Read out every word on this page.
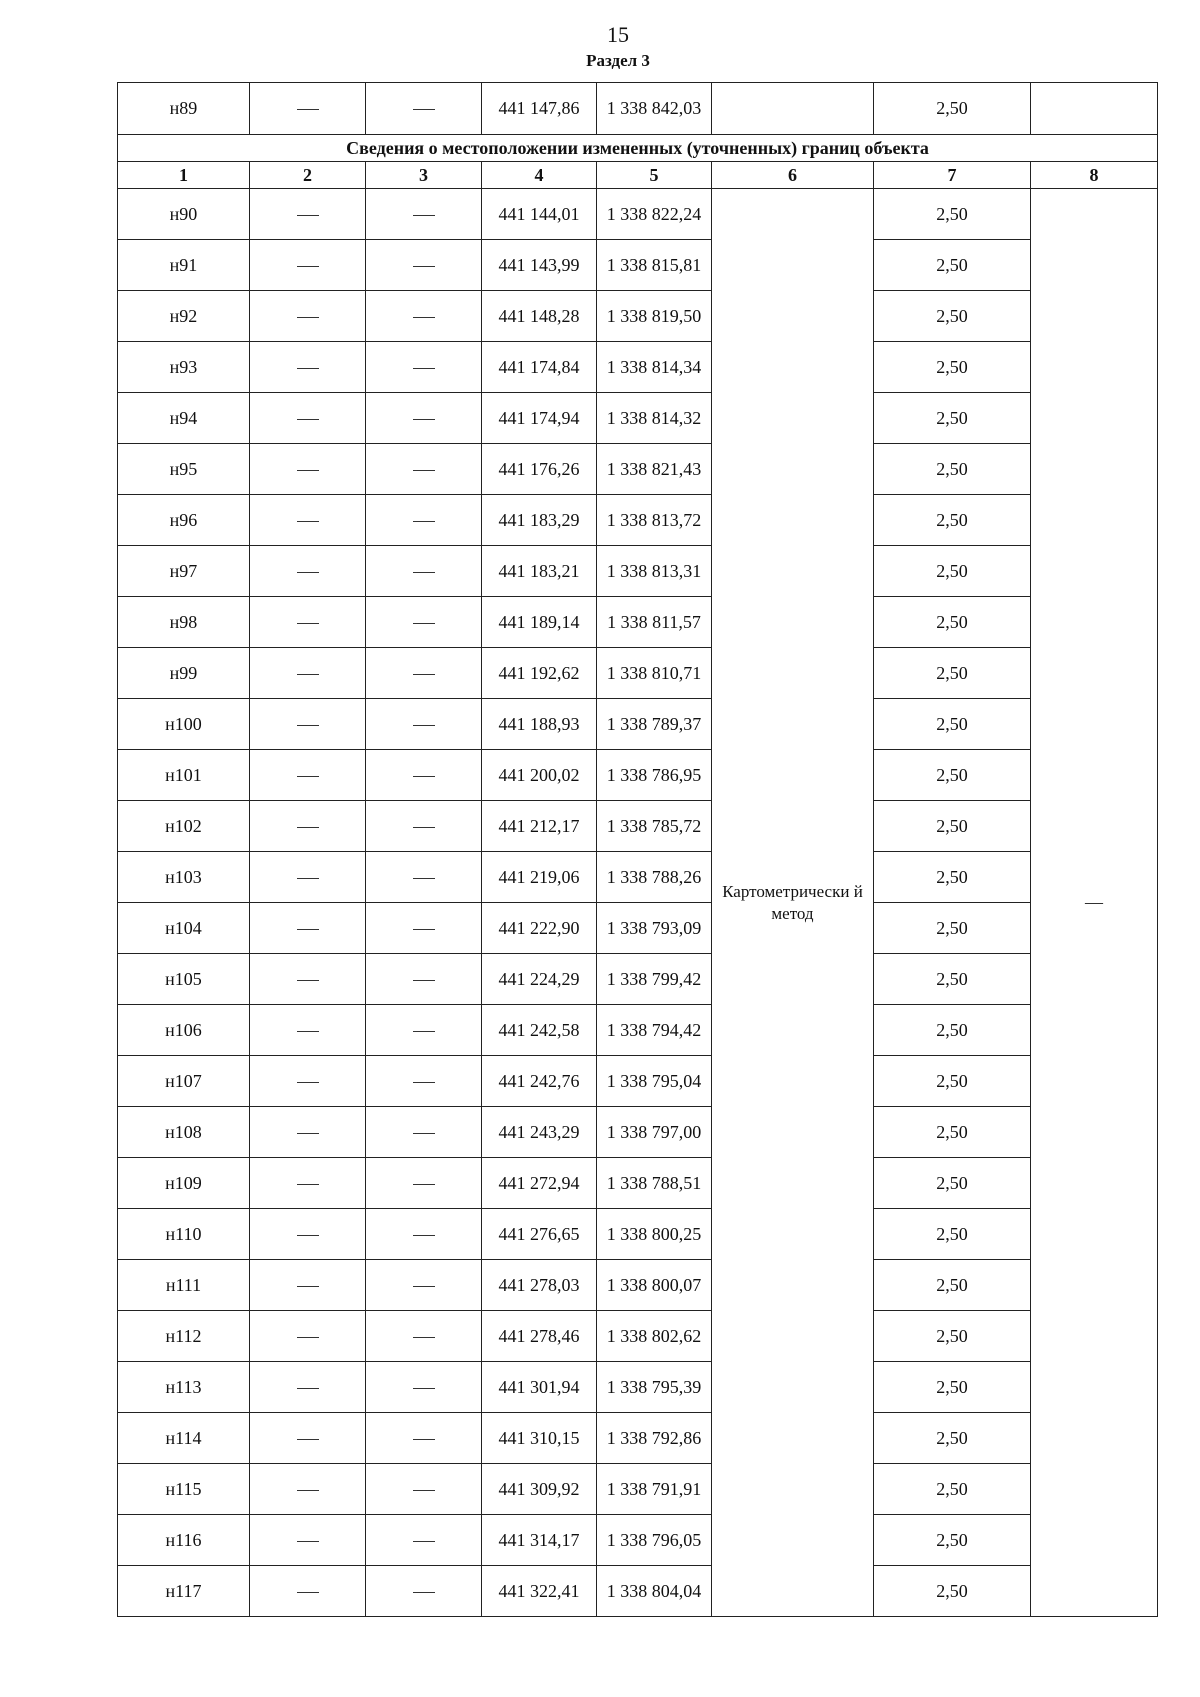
15
Раздел 3
н89			441 147,86	1 338 842,03		2,50	
Сведения о местоположении измененных (уточненных) границ объекта							
1	2	3	4	5	6	7	8
н90			441 144,01	1 338 822,24	Картометрически й метод	2,50	—
н91			441 143,99	1 338 815,81		2,50	
н92			441 148,28	1 338 819,50		2,50	
н93			441 174,84	1 338 814,34		2,50	
н94			441 174,94	1 338 814,32		2,50	
н95			441 176,26	1 338 821,43		2,50	
н96			441 183,29	1 338 813,72		2,50	
н97			441 183,21	1 338 813,31		2,50	
н98			441 189,14	1 338 811,57		2,50	
н99			441 192,62	1 338 810,71		2,50	
н100			441 188,93	1 338 789,37		2,50	
н101			441 200,02	1 338 786,95		2,50	
н102			441 212,17	1 338 785,72		2,50	
н103			441 219,06	1 338 788,26		2,50	
н104			441 222,90	1 338 793,09		2,50	
н105			441 224,29	1 338 799,42		2,50	
н106			441 242,58	1 338 794,42		2,50	
н107			441 242,76	1 338 795,04		2,50	
н108			441 243,29	1 338 797,00		2,50	
н109			441 272,94	1 338 788,51		2,50	
н110			441 276,65	1 338 800,25		2,50	
н111			441 278,03	1 338 800,07		2,50	
н112			441 278,46	1 338 802,62		2,50	
н113			441 301,94	1 338 795,39		2,50	
н114			441 310,15	1 338 792,86		2,50	
н115			441 309,92	1 338 791,91		2,50	
н116			441 314,17	1 338 796,05		2,50	
н117			441 322,41	1 338 804,04		2,50	
